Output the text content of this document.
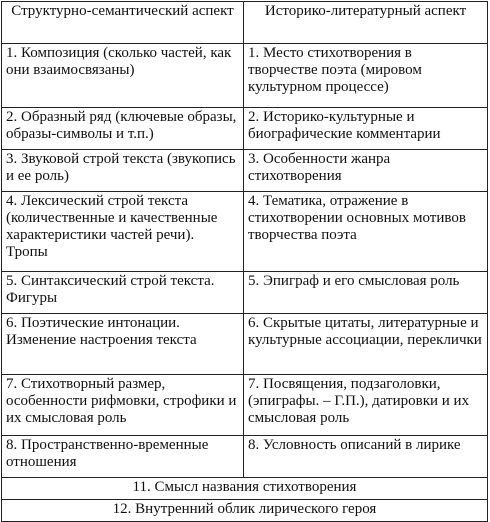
Структурно-семантический аспект	Историко-литературный аспект
1. Композиция (сколько частей, как они взаимосвязаны)	1. Место стихотворения в творчестве поэта (мировом культурном процессе)
2. Образный ряд (ключевые образы, образы-символы и т.п.)	2. Историко-культурные и биографические комментарии
3. Звуковой строй текста (звукопись и ее роль)	3. Особенности жанра стихотворения
4. Лексический строй текста (количественные и качественные характеристики частей речи). Тропы	4. Тематика, отражение в стихотворении основных мотивов творчества поэта
5. Синтаксический строй текста. Фигуры	5. Эпиграф и его смысловая роль
6. Поэтические интонации. Изменение настроения текста	6. Скрытые цитаты, литературные и культурные ассоциации, переклички
7. Стихотворный размер, особенности рифмовки, строфики и их смысловая роль	7. Посвящения, подзаголовки, (эпиграфы. – Г.П.), датировки и их смысловая роль
8. Пространственно-временные отношения	8. Условность описаний в лирике
11. Смысл названия стихотворения	
12. Внутренний облик лирического героя	
